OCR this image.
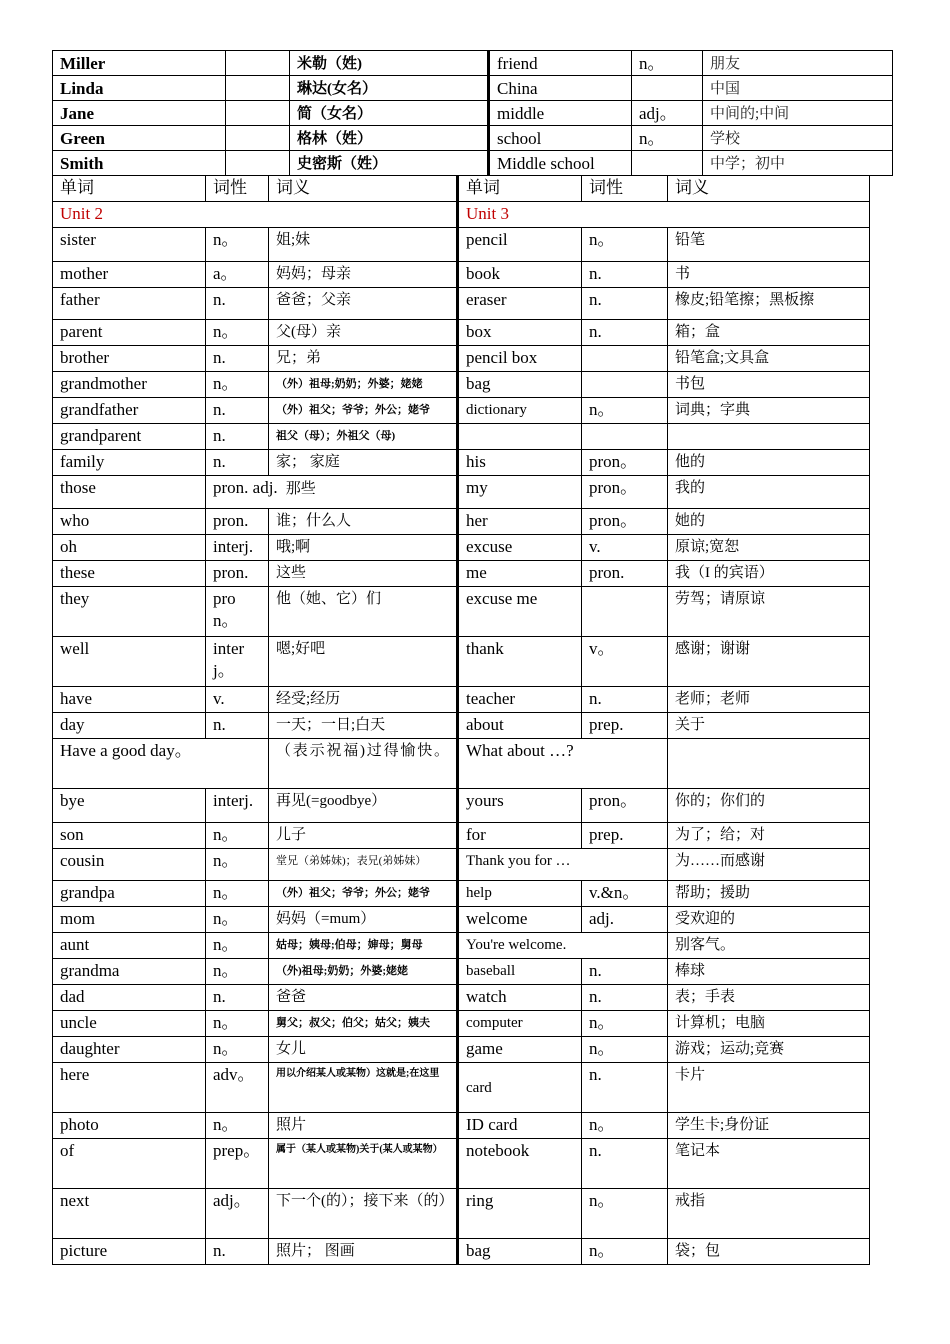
Miller		米勒（姓)	friend	n。	朋友
Linda		琳达(女名）	China		中国
Jane		简（女名）	middle	adj。	中间的;中间
Green		格林（姓）	school	n。	学校
Smith		史密斯（姓）	Middle school		中学；初中
单词	词性	词义	单词	词性	词义
Unit 2			Unit 3		
sister	n。	姐;妹	pencil	n。	铅笔
mother	a。	妈妈；母亲	book	n.	书
father	n.	爸爸；父亲	eraser	n.	橡皮;铅笔擦；黑板擦
parent	n。	父(母）亲	box	n.	箱；盒
brother	n.	兄；弟	pencil box		铅笔盒;文具盒
grandmother	n。	（外）祖母;奶奶；外婆；姥姥	bag		书包
grandfather	n.	（外）祖父；爷爷；外公；姥爷	dictionary	n。	词典；字典
grandparent	n.	祖父（母）；外祖父（母)			
family	n.	家； 家庭	his	pron。	他的
those	pron. adj. 那些		my	pron。	我的
who	pron.	谁；什么人	her	pron。	她的
oh	interj.	哦;啊	excuse	v.	原谅;宽恕
these	pron.	这些	me	pron.	我（I 的宾语）
they	pron。	他（她、它）们	excuse me		劳驾；请原谅
well	interj。	嗯;好吧	thank	v。	感谢；谢谢
have	v.	经受;经历	teacher	n.	老师；老师
day	n.	一天；一日;白天	about	prep.	关于
Have a good day。		（表示祝福)过得愉快。	What about …?		
bye	interj.	再见(=goodbye）	yours	pron。	你的；你们的
son	n。	儿子	for	prep.	为了；给；对
cousin	n。	堂兄（弟姊妹)；表兄(弟姊妹）	Thank you for …		为……而感谢
grandpa	n。	（外）祖父；爷爷；外公；姥爷	help	v.&n。	帮助；援助
mom	n。	妈妈（=mum）	welcome	adj.	受欢迎的
aunt	n。	姑母；姨母;伯母；婶母；舅母	You're welcome.		别客气。
grandma	n。	（外)祖母;奶奶；外婆;姥姥	baseball	n.	棒球
dad	n.	爸爸	watch	n.	表；手表
uncle	n。	舅父；叔父；伯父；姑父；姨夫	computer	n。	计算机；电脑
daughter	n。	女儿	game	n。	游戏；运动;竞赛
here	adv。	用以介绍某人或某物）这就是;在这里	card	n.	卡片
photo	n。	照片	ID card	n。	学生卡;身份证
of	prep。	属于（某人或某物)关于(某人或某物）	notebook	n.	笔记本
next	adj。	下一个(的）；接下来（的）	ring	n。	戒指
picture	n.	照片； 图画	bag	n。	袋；包
